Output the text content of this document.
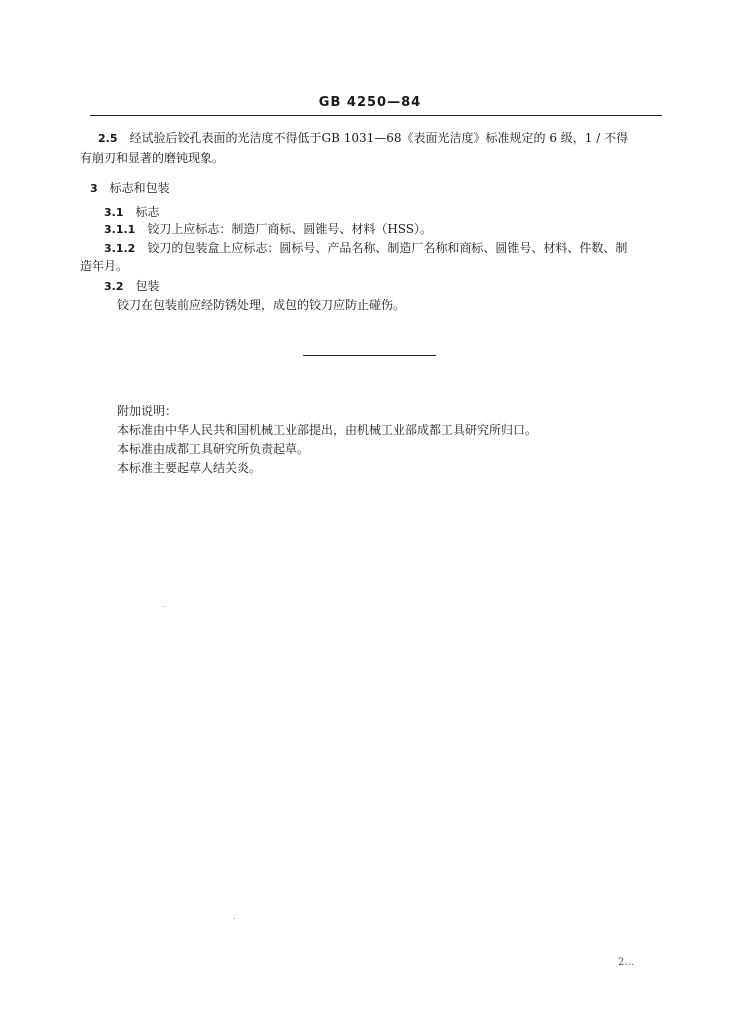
GB 4250—84
2.5 经试验后铰孔表面的光洁度不得低于GB 1031—68《表面光洁度》标准规定的 6 级，1 / 不得
有崩刃和显著的磨钝现象。
3 标志和包装
3.1 标志
3.1.1 铰刀上应标志：制造厂商标、圆锥号、材料（HSS）。
3.1.2 铰刀的包装盒上应标志：圆标号、产品名称、制造厂名称和商标、圆锥号、材料、件数、制
造年月。
3.2 包装
铰刀在包装前应经防锈处理，成包的铰刀应防止碰伤。
附加说明：
本标准由中华人民共和国机械工业部提出，由机械工业部成都工具研究所归口。
本标准由成都工具研究所负责起草。
本标准主要起草人结关炎。
2…
